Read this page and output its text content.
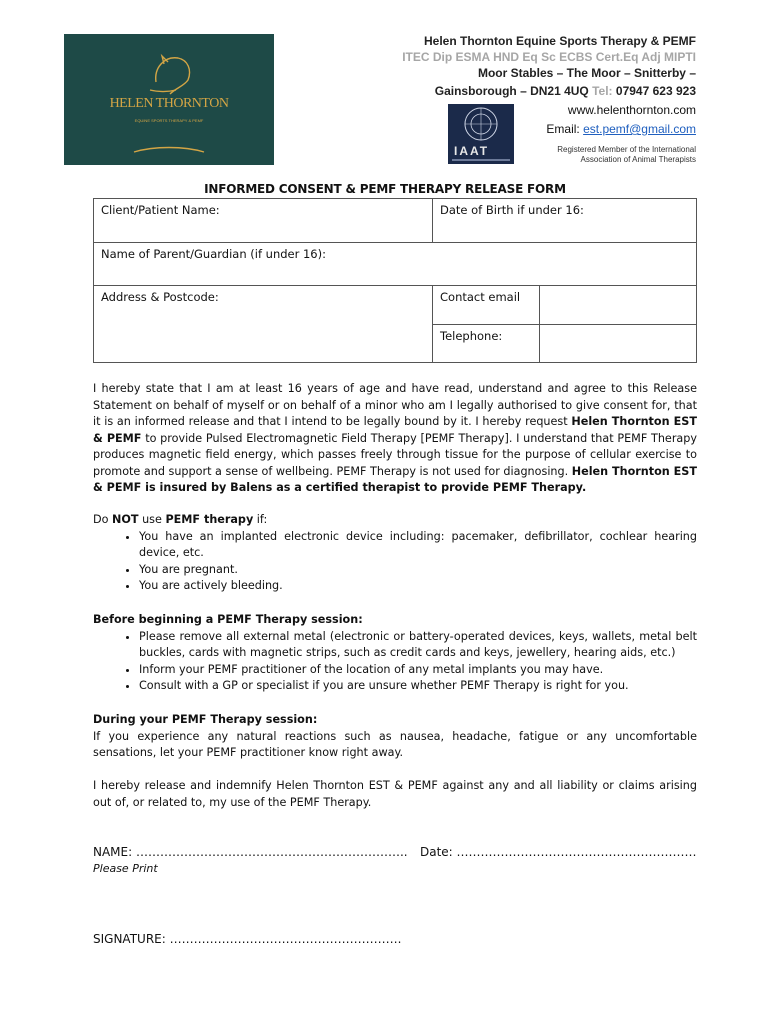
HELEN THORNTON
EQUINE SPORTS THERAPY & PEMF
Helen Thornton Equine Sports Therapy & PEMF
ITEC Dip ESMA HND Eq Sc ECBS Cert.Eq Adj MIPTI
Moor Stables – The Moor – Snitterby –
Gainsborough – DN21 4UQ Tel: 07947 623 923
www.helenthornton.com
Email: est.pemf@gmail.com
Registered Member of the International
Association of Animal Therapists
IAAT
INFORMED CONSENT & PEMF THERAPY RELEASE FORM
Client/Patient Name:	Date of Birth if under 16:	
Name of Parent/Guardian (if under 16):		
Address & Postcode:	Contact email	
	Telephone:	
I hereby state that I am at least 16 years of age and have read, understand and agree to this Release Statement on behalf of myself or on behalf of a minor who am I legally authorised to give consent for, that it is an informed release and that I intend to be legally bound by it. I hereby request Helen Thornton EST & PEMF to provide Pulsed Electromagnetic Field Therapy [PEMF Therapy]. I understand that PEMF Therapy produces magnetic field energy, which passes freely through tissue for the purpose of cellular exercise to promote and support a sense of wellbeing. PEMF Therapy is not used for diagnosing. Helen Thornton EST & PEMF is insured by Balens as a certified therapist to provide PEMF Therapy.
Do NOT use PEMF therapy if:
• You have an implanted electronic device including: pacemaker, defibrillator, cochlear hearing device, etc.
• You are pregnant.
• You are actively bleeding.
Before beginning a PEMF Therapy session:
• Please remove all external metal (electronic or battery-operated devices, keys, wallets, metal belt buckles, cards with magnetic strips, such as credit cards and keys, jewellery, hearing aids, etc.)
• Inform your PEMF practitioner of the location of any metal implants you may have.
• Consult with a GP or specialist if you are unsure whether PEMF Therapy is right for you.
During your PEMF Therapy session:
If you experience any natural reactions such as nausea, headache, fatigue or any uncomfortable sensations, let your PEMF practitioner know right away.
I hereby release and indemnify Helen Thornton EST & PEMF against any and all liability or claims arising out of, or related to, my use of the PEMF Therapy.
NAME: …………………………………………………………..
Please Print
Date: ……………………………………………………
SIGNATURE: ………………………………………………….
